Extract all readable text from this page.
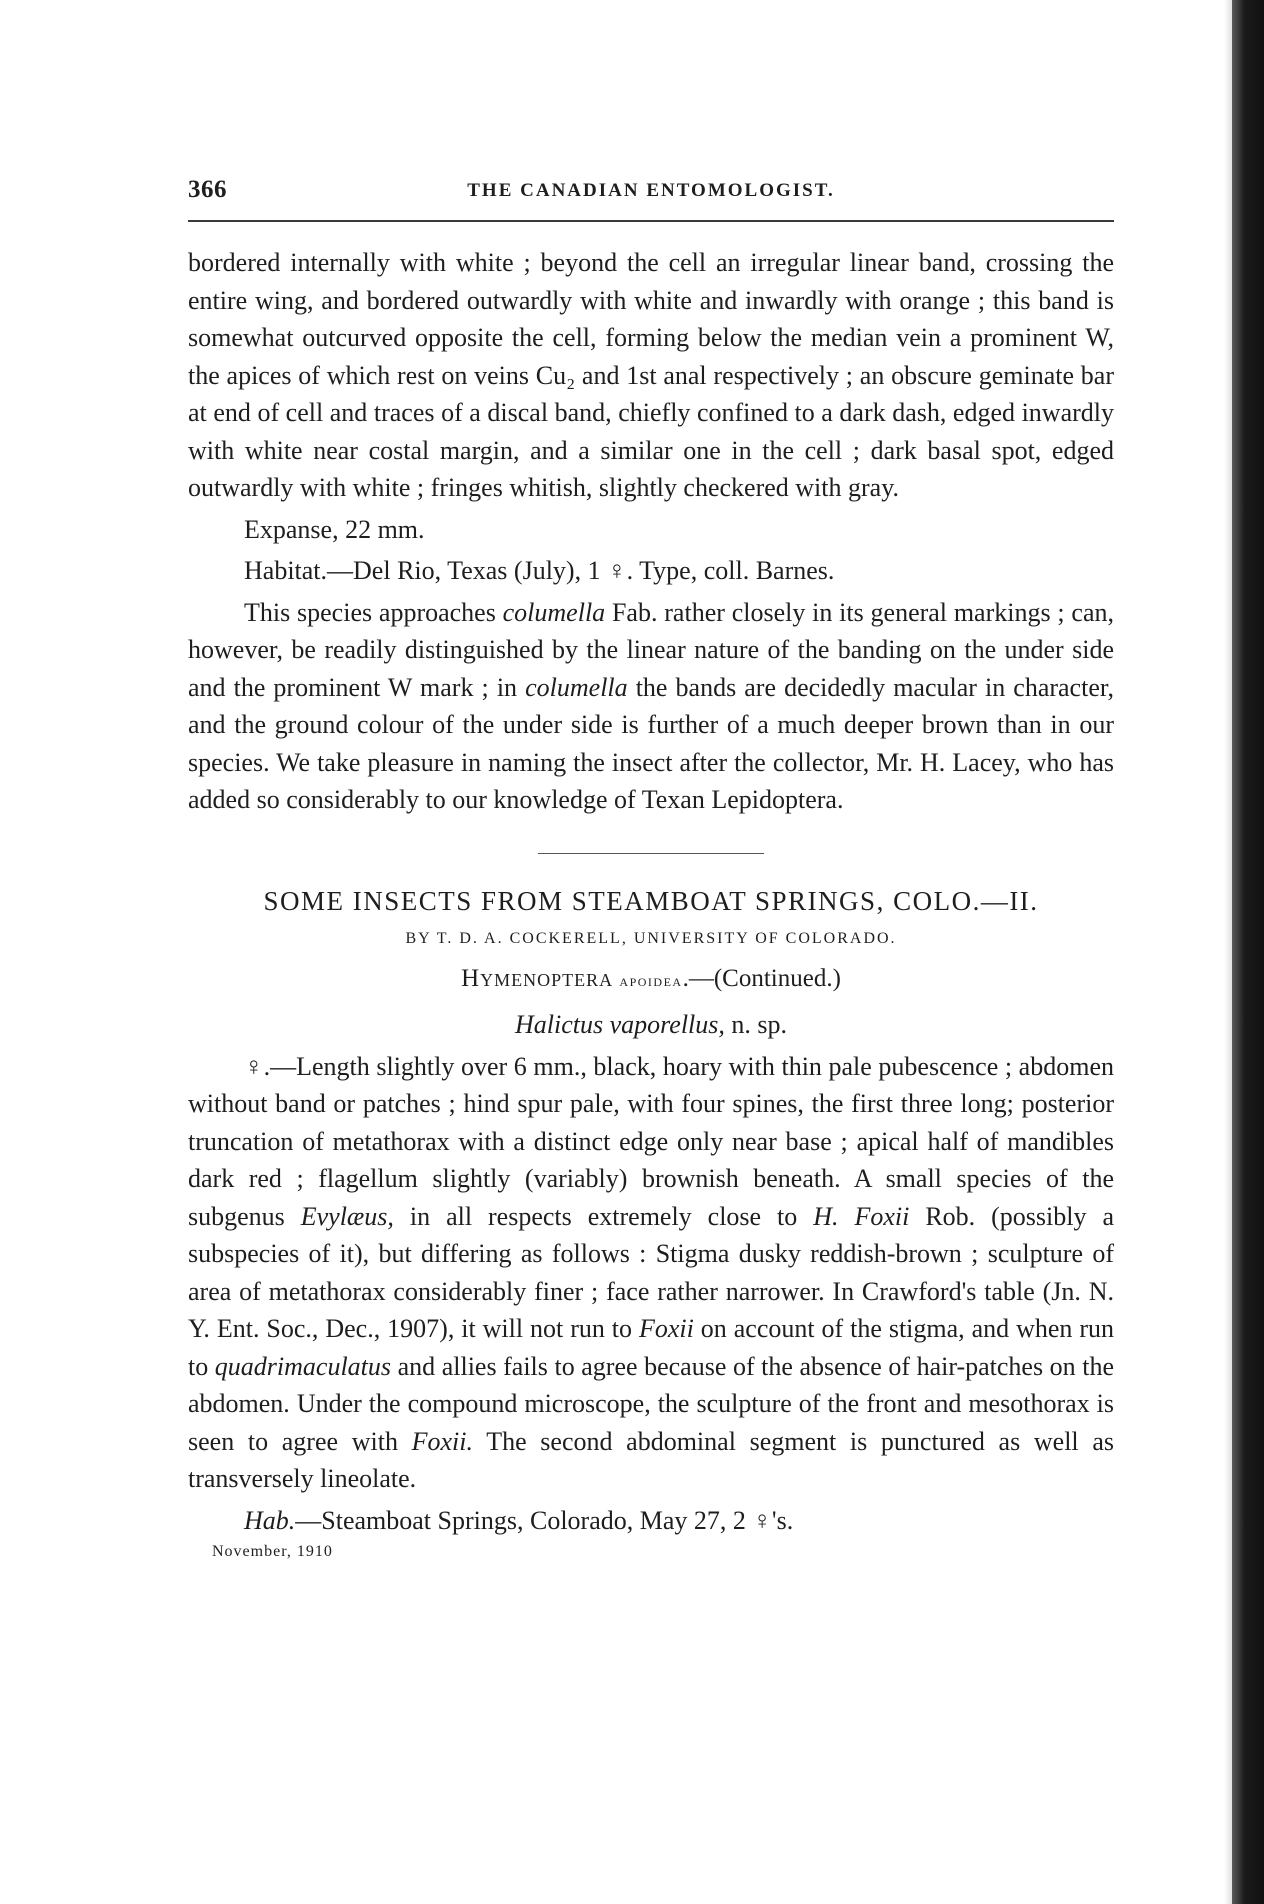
366	THE CANADIAN ENTOMOLOGIST.

bordered internally with white ; beyond the cell an irregular linear band, crossing the entire wing, and bordered outwardly with white and inwardly with orange ; this band is somewhat outcurved opposite the cell, forming below the median vein a prominent W, the apices of which rest on veins Cu₂ and 1st anal respectively ; an obscure geminate bar at end of cell and traces of a discal band, chiefly confined to a dark dash, edged inwardly with white near costal margin, and a similar one in the cell ; dark basal spot, edged outwardly with white ; fringes whitish, slightly checkered with gray.

Expanse, 22 mm.

Habitat.—Del Rio, Texas (July), 1 ♀. Type, coll. Barnes.

This species approaches columella Fab. rather closely in its general markings ; can, however, be readily distinguished by the linear nature of the banding on the under side and the prominent W mark ; in columella the bands are decidedly macular in character, and the ground colour of the under side is further of a much deeper brown than in our species. We take pleasure in naming the insect after the collector, Mr. H. Lacey, who has added so considerably to our knowledge of Texan Lepidoptera.

SOME INSECTS FROM STEAMBOAT SPRINGS, COLO.—II.
BY T. D. A. COCKERELL, UNIVERSITY OF COLORADO.
Hymenoptera apoidea.—(Continued.)
Halictus vaporellus, n. sp.

♀.—Length slightly over 6 mm., black, hoary with thin pale pubescence ; abdomen without band or patches ; hind spur pale, with four spines, the first three long; posterior truncation of metathorax with a distinct edge only near base ; apical half of mandibles dark red ; flagellum slightly (variably) brownish beneath. A small species of the subgenus Evylæus, in all respects extremely close to H. Foxii Rob. (possibly a subspecies of it), but differing as follows : Stigma dusky reddish-brown ; sculpture of area of metathorax considerably finer ; face rather narrower. In Crawford's table (Jn. N. Y. Ent. Soc., Dec., 1907), it will not run to Foxii on account of the stigma, and when run to quadrimaculatus and allies fails to agree because of the absence of hair-patches on the abdomen. Under the compound microscope, the sculpture of the front and mesothorax is seen to agree with Foxii. The second abdominal segment is punctured as well as transversely lineolate.

Hab.—Steamboat Springs, Colorado, May 27, 2 ♀'s.

November, 1910
